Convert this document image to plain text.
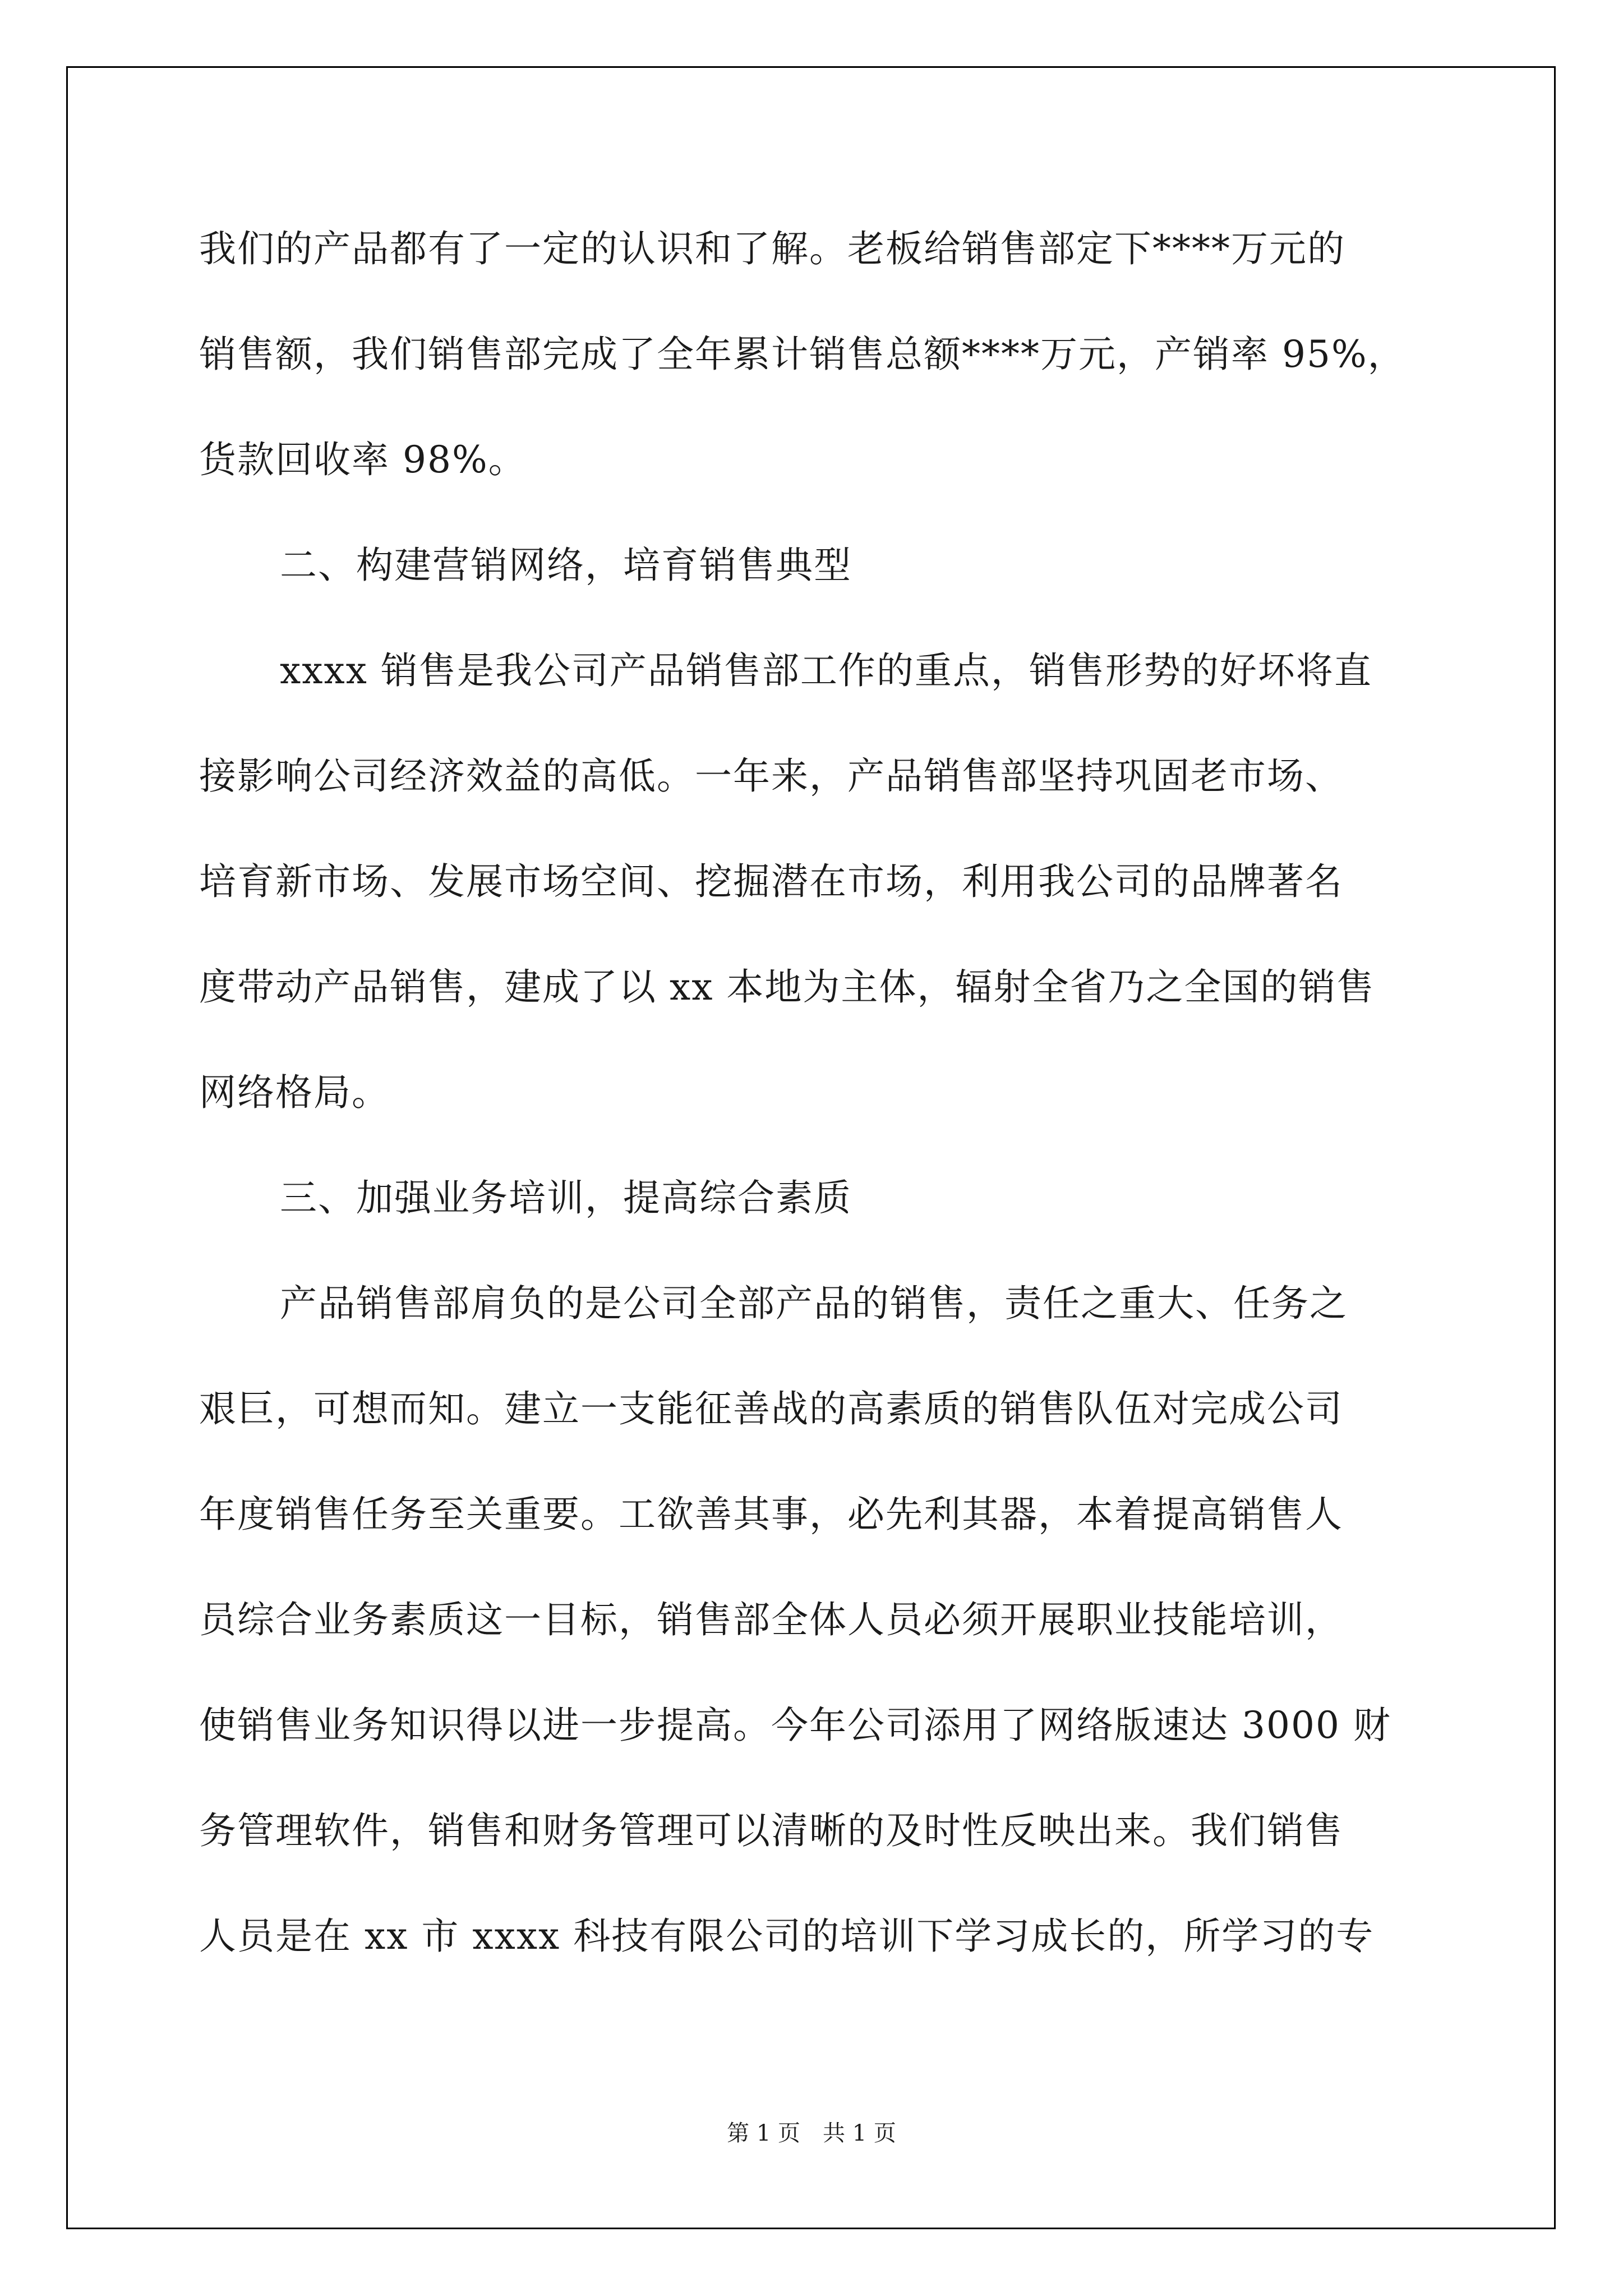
我们的产品都有了一定的认识和了解。老板给销售部定下****万元的
销售额，我们销售部完成了全年累计销售总额****万元，产销率 95%，
货款回收率 98%。
二、构建营销网络，培育销售典型
xxxx 销售是我公司产品销售部工作的重点，销售形势的好坏将直
接影响公司经济效益的高低。一年来，产品销售部坚持巩固老市场、
培育新市场、发展市场空间、挖掘潜在市场，利用我公司的品牌著名
度带动产品销售，建成了以 xx 本地为主体，辐射全省乃之全国的销售
网络格局。
三、加强业务培训，提高综合素质
产品销售部肩负的是公司全部产品的销售，责任之重大、任务之
艰巨，可想而知。建立一支能征善战的高素质的销售队伍对完成公司
年度销售任务至关重要。工欲善其事，必先利其器，本着提高销售人
员综合业务素质这一目标，销售部全体人员必须开展职业技能培训，
使销售业务知识得以进一步提高。今年公司添用了网络版速达 3000 财
务管理软件，销售和财务管理可以清晰的及时性反映出来。我们销售
人员是在 xx 市 xxxx 科技有限公司的培训下学习成长的，所学习的专
第 1 页　共 1 页
